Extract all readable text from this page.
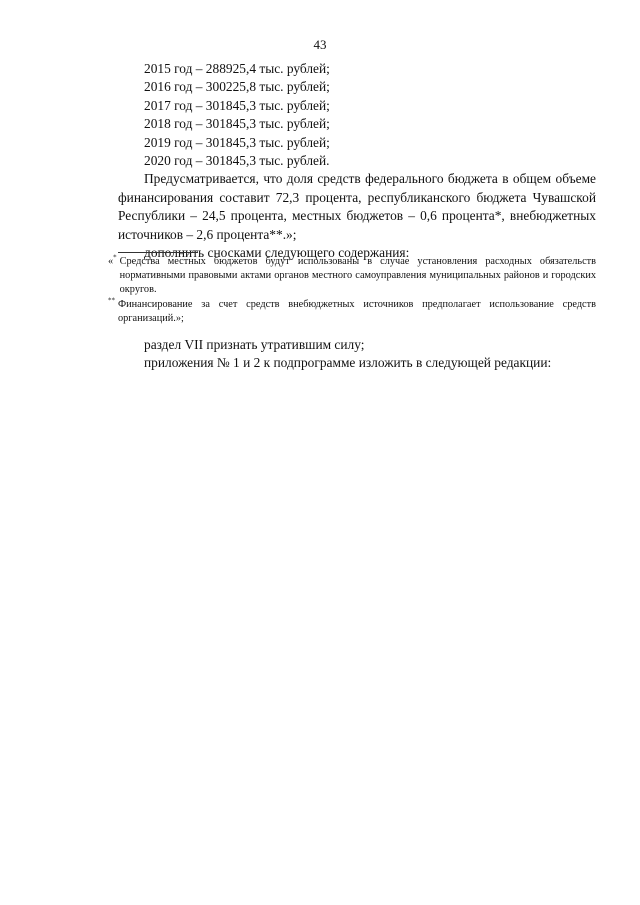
43
2015 год – 288925,4 тыс. рублей;
2016 год – 300225,8 тыс. рублей;
2017 год – 301845,3 тыс. рублей;
2018 год – 301845,3 тыс. рублей;
2019 год – 301845,3 тыс. рублей;
2020 год – 301845,3 тыс. рублей.

Предусматривается, что доля средств федерального бюджета в общем объеме финансирования составит 72,3 процента, республиканского бюджета Чувашской Республики – 24,5 процента, местных бюджетов – 0,6 процента*, внебюджетных источников – 2,6 процента**.»;

дополнить сносками следующего содержания:
«* Средства местных бюджетов будут использованы в случае установления расходных обязательств нормативными правовыми актами органов местного самоуправления муниципальных районов и городских округов.
** Финансирование за счет средств внебюджетных источников предполагает использование средств организаций.»;
раздел VII признать утратившим силу;
приложения № 1 и 2 к подпрограмме изложить в следующей редакции:
